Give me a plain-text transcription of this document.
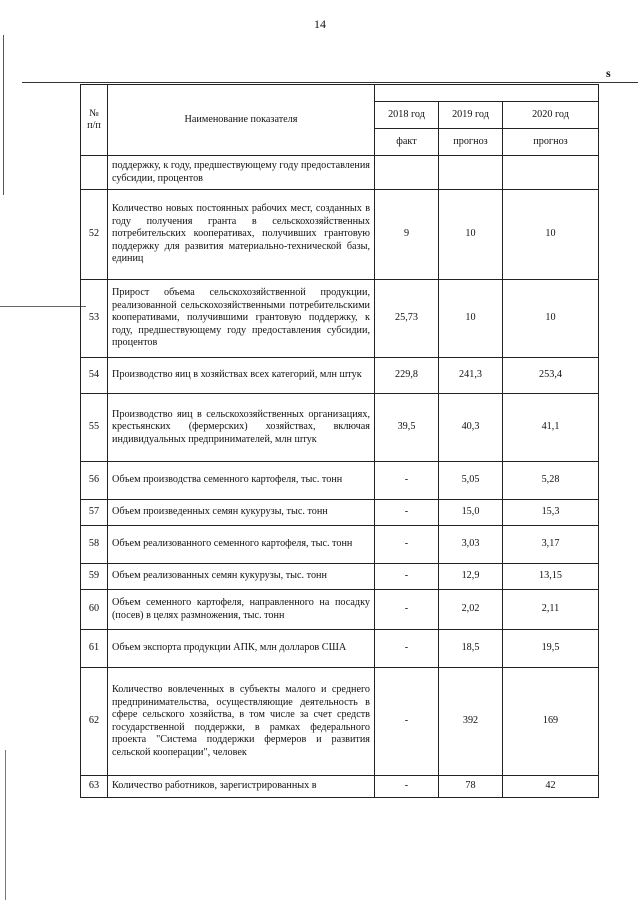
14
s
№
п/п	Наименование показателя			
		2018 год	2019 год	2020 год
		факт	прогноз	прогноз
	поддержку, к году, предшествующему году предоставления субсидии, процентов			
52	Количество новых постоянных рабочих мест, созданных в году получения гранта в сельскохозяйственных потребительских кооперативах, получивших грантовую поддержку для развития материально-технической базы, единиц	9	10	10
53	Прирост объема сельскохозяйственной продукции, реализованной сельскохозяйственными потребительскими кооперативами, получившими грантовую поддержку, к году, предшествующему году предоставления субсидии, процентов	25,73	10	10
54	Производство яиц в хозяйствах всех категорий, млн штук	229,8	241,3	253,4
55	Производство яиц в сельскохозяйственных организациях, крестьянских (фермерских) хозяйствах, включая индивидуальных предпринимателей, млн штук	39,5	40,3	41,1
56	Объем производства семенного картофеля, тыс. тонн	-	5,05	5,28
57	Объем произведенных семян кукурузы, тыс. тонн	-	15,0	15,3
58	Объем реализованного семенного картофеля, тыс. тонн	-	3,03	3,17
59	Объем реализованных семян кукурузы, тыс. тонн	-	12,9	13,15
60	Объем семенного картофеля, направленного на посадку (посев) в целях размножения, тыс. тонн	-	2,02	2,11
61	Объем экспорта продукции АПК, млн долларов США	-	18,5	19,5
62	Количество вовлеченных в субъекты малого и среднего предпринимательства, осуществляющие деятельность в сфере сельского хозяйства, в том числе за счет средств государственной поддержки, в рамках федерального проекта "Система поддержки фермеров и развития сельской кооперации", человек	-	392	169
63	Количество работников, зарегистрированных в	-	78	42
